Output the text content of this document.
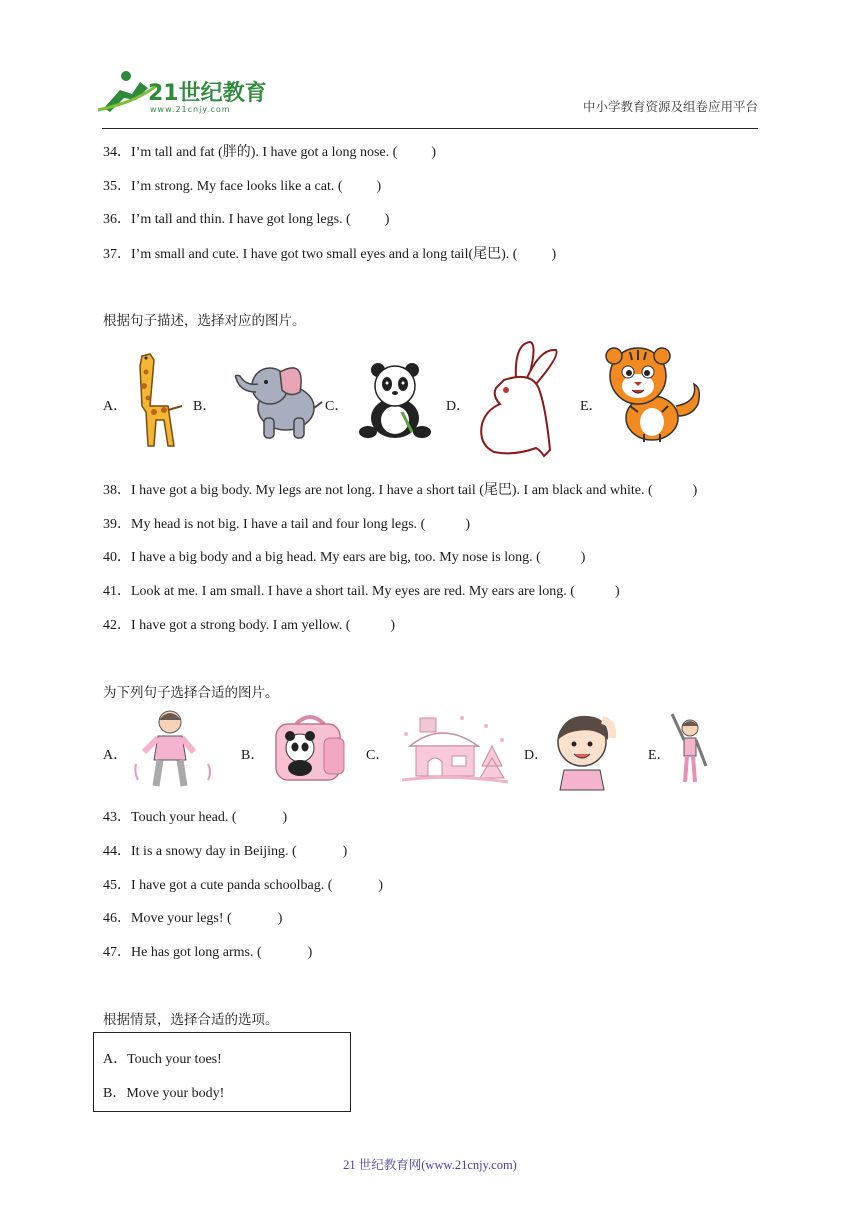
21世纪教育
www.21cnjy.com	中小学教育资源及组卷应用平台
34．I’m tall and fat (胖的). I have got a long nose. ( )
35．I’m strong. My face looks like a cat. ( )
36．I’m tall and thin. I have got long legs. ( )
37．I’m small and cute. I have got two small eyes and a long tail(尾巴). ( )
根据句子描述，选择对应的图片。
A．	B．	C．	D．	E．
38．I have got a big body. My legs are not long. I have a short tail (尾巴). I am black and white. (	)
39．My head is not big. I have a tail and four long legs. (	)
40．I have a big body and a big head. My ears are big, too. My nose is long. (	)
41．Look at me. I am small. I have a short tail. My eyes are red. My ears are long. (	)
42．I have got a strong body. I am yellow. (	)
为下列句子选择合适的图片。
A．	B．	C．	D．	E．
43．Touch your head. (	)
44．It is a snowy day in Beijing. (	)
45．I have got a cute panda schoolbag. (	)
46．Move your legs! (	)
47．He has got long arms. (	)
根据情景，选择合适的选项。
A．Touch your toes!
B．Move your body!
21 世纪教育网(www.21cnjy.com)
